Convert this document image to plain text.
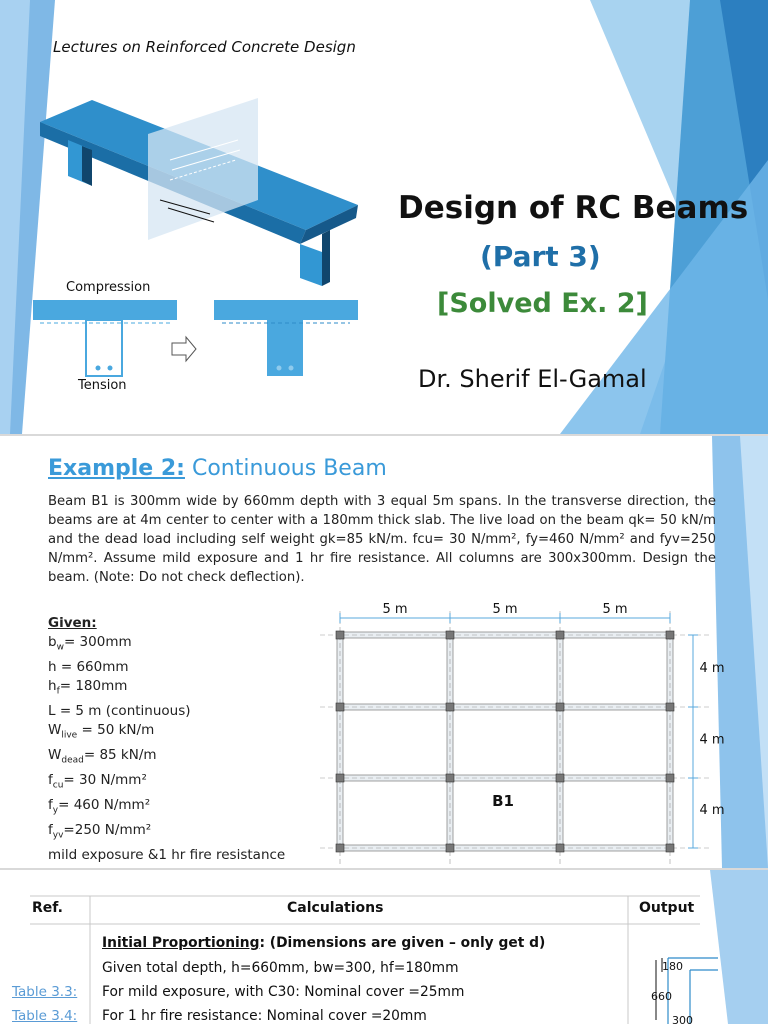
Lectures on Reinforced Concrete Design
Compression
Tension
Design of RC Beams
(Part 3)
[Solved Ex. 2]
Dr. Sherif El-Gamal
Example 2: Continuous Beam
Beam B1 is 300mm wide by 660mm depth with 3 equal 5m spans. In the transverse direction, the beams are at 4m center to center with a 180mm thick slab. The live load on the beam qk= 50 kN/m and the dead load including self weight gk=85 kN/m. fcu= 30 N/mm², fy=460 N/mm² and fyv=250 N/mm². Assume mild exposure and 1 hr fire resistance. All columns are 300x300mm. Design the beam. (Note: Do not check deflection).
Given:
$b_w= 300mm$
h = 660mm
$h_f= 180mm$
L = 5 m (continuous)
$W_{live} = 50$ kN/m
$W_{dead}= 85$ kN/m
$f_{cu}= 30$ N/mm²
$f_y= 460$ N/mm²
$f_{yv}=250$ N/mm²
mild exposure &1 hr fire resistance
5 m	5 m	5 m
4 m
4 m
4 m
B1
Ref.	Calculations	Output
Initial Proportioning: (Dimensions are given – only get d)
Given total depth, h=660mm, bw=300, hf=180mm
Table 3.3: For mild exposure, with C30: Nominal cover =25mm
Table 3.4: For 1 hr fire resistance: Nominal cover =20mm
180
660
300
